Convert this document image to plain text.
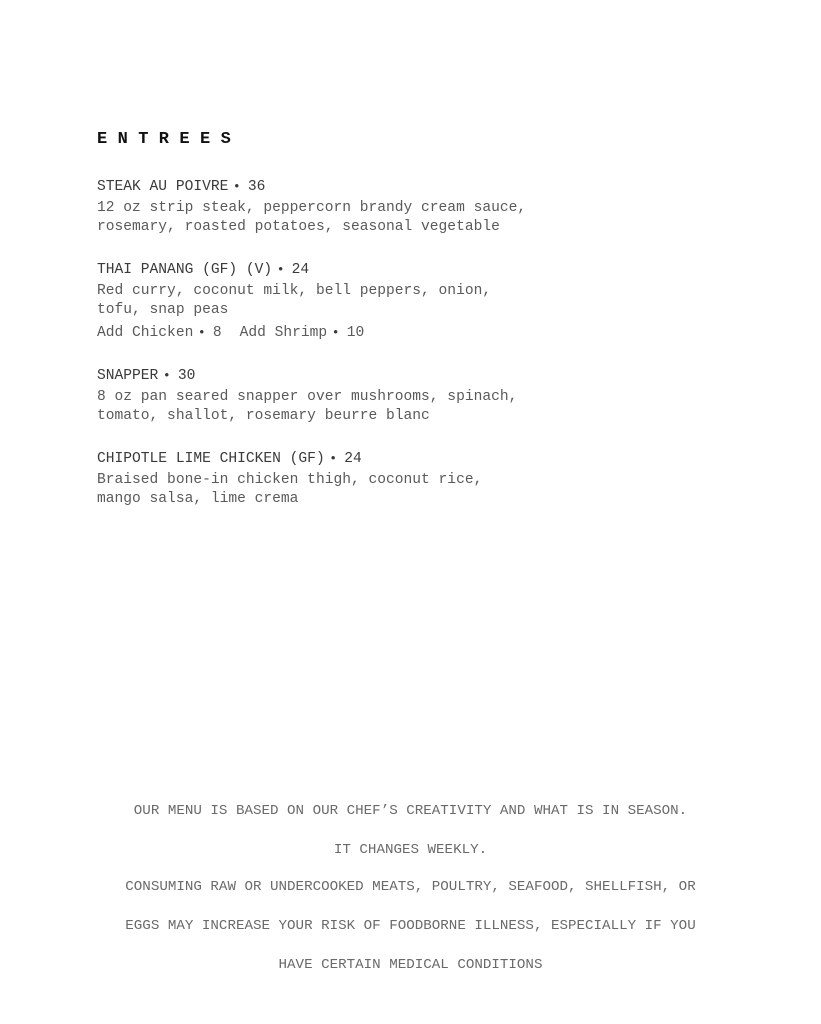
ENTREES
STEAK AU POIVRE • 36
12 oz strip steak, peppercorn brandy cream sauce,
rosemary, roasted potatoes, seasonal vegetable
THAI PANANG (GF) (V) • 24
Red curry, coconut milk, bell peppers, onion,
tofu, snap peas
Add Chicken • 8 Add Shrimp • 10
SNAPPER • 30
8 oz pan seared snapper over mushrooms, spinach,
tomato, shallot, rosemary beurre blanc
CHIPOTLE LIME CHICKEN (GF) • 24
Braised bone-in chicken thigh, coconut rice,
mango salsa, lime crema

OUR MENU IS BASED ON OUR CHEF’S CREATIVITY AND WHAT IS IN SEASON.

IT CHANGES WEEKLY.

CONSUMING RAW OR UNDERCOOKED MEATS, POULTRY, SEAFOOD, SHELLFISH, OR

EGGS MAY INCREASE YOUR RISK OF FOODBORNE ILLNESS, ESPECIALLY IF YOU

HAVE CERTAIN MEDICAL CONDITIONS
